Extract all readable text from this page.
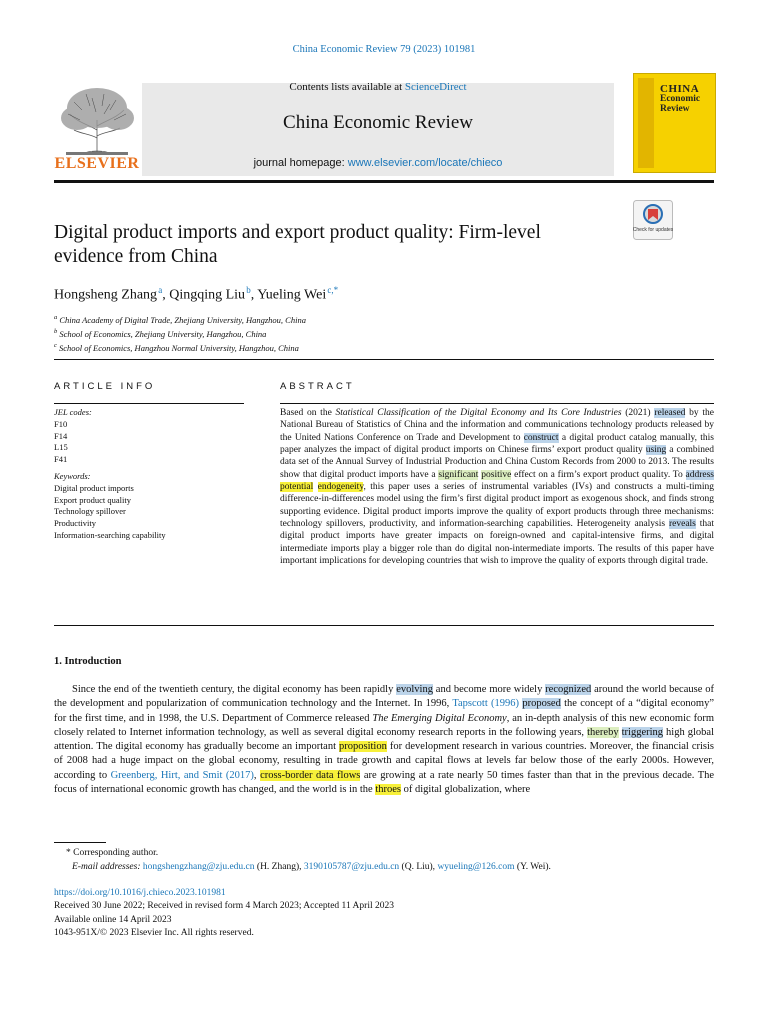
China Economic Review 79 (2023) 101981
ELSEVIER
Contents lists available at ScienceDirect
China Economic Review
journal homepage: www.elsevier.com/locate/chieco
CHINA
Economic
Review
Check for updates
Digital product imports and export product quality: Firm-level evidence from China
Hongsheng Zhang $^a$, Qingqing Liu $^b$, Yueling Wei $^{c,*}$
$^a$ China Academy of Digital Trade, Zhejiang University, Hangzhou, China
$^b$ School of Economics, Zhejiang University, Hangzhou, China
$^c$ School of Economics, Hangzhou Normal University, Hangzhou, China
ARTICLE INFO	ABSTRACT
JEL codes:
F10
F14
L15
F41
Keywords:
Digital product imports
Export product quality
Technology spillover
Productivity
Information-searching capability
Based on the Statistical Classification of the Digital Economy and Its Core Industries (2021) released by the National Bureau of Statistics of China and the information and communications technology products released by the United Nations Conference on Trade and Development to construct a digital product catalog manually, this paper analyzes the impact of digital product imports on Chinese firms’ export product quality using a combined data set of the Annual Survey of Industrial Production and China Custom Records from 2000 to 2013. The results show that digital product imports have a significant positive effect on a firm’s export product quality. To address potential endogeneity, this paper uses a series of instrumental variables (IVs) and constructs a multi-timing difference-in-differences model using the firm’s first digital product import as exogenous shock, and finds strong supporting evidence. Digital product imports improve the quality of export products through three mechanisms: technology spillovers, productivity, and information-searching capabilities. Heterogeneity analysis reveals that digital product imports have greater impacts on foreign-owned and capital-intensive firms, and digital intermediate imports play a bigger role than do digital non-intermediate imports. The results of this paper have important implications for developing countries that wish to improve the quality of exports through digital trade.
1. Introduction
Since the end of the twentieth century, the digital economy has been rapidly evolving and become more widely recognized around the world because of the development and popularization of communication technology and the Internet. In 1996, Tapscott (1996) proposed the concept of a “digital economy” for the first time, and in 1998, the U.S. Department of Commerce released The Emerging Digital Economy, an in-depth analysis of this new economic form closely related to Internet information technology, as well as several digital economy research reports in the following years, thereby triggering high global attention. The digital economy has gradually become an important proposition for development research in various countries. Moreover, the financial crisis of 2008 had a huge impact on the global economy, resulting in trade growth and capital flows at levels far below those of the early 2000s. However, according to Greenberg, Hirt, and Smit (2017), cross-border data flows are growing at a rate nearly 50 times faster than that in the previous decade. The focus of international economic growth has changed, and the world is in the throes of digital globalization, where
* Corresponding author.
E-mail addresses: hongshengzhang@zju.edu.cn (H. Zhang), 3190105787@zju.edu.cn (Q. Liu), wyueling@126.com (Y. Wei).
https://doi.org/10.1016/j.chieco.2023.101981
Received 30 June 2022; Received in revised form 4 March 2023; Accepted 11 April 2023
Available online 14 April 2023
1043-951X/© 2023 Elsevier Inc. All rights reserved.
